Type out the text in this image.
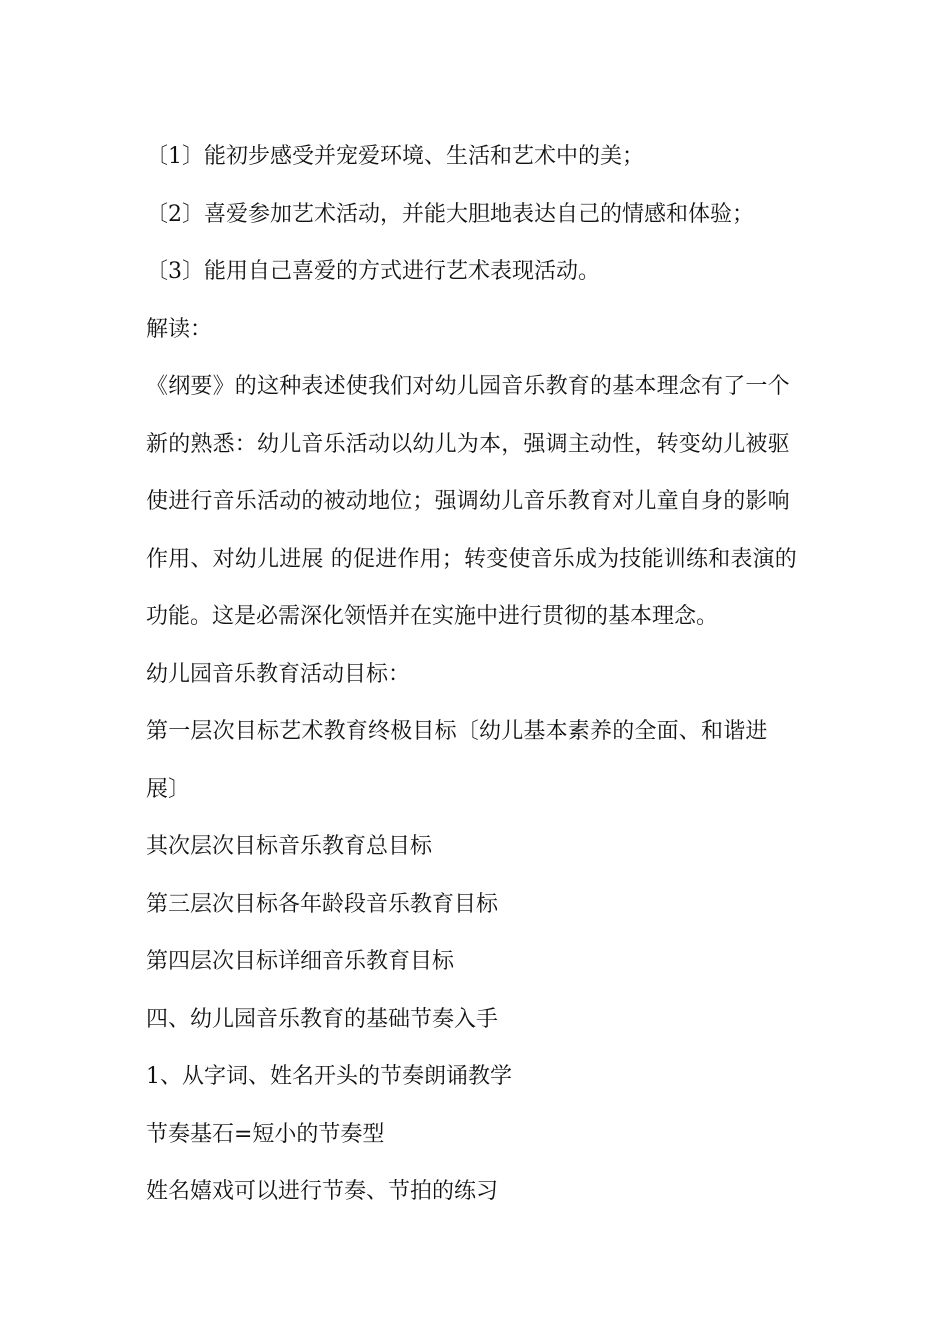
〔1〕能初步感受并宠爱环境、生活和艺术中的美；
〔2〕喜爱参加艺术活动，并能大胆地表达自己的情感和体验；
〔3〕能用自己喜爱的方式进行艺术表现活动。
解读：
《纲要》的这种表述使我们对幼儿园音乐教育的基本理念有了一个
新的熟悉：幼儿音乐活动以幼儿为本，强调主动性，转变幼儿被驱
使进行音乐活动的被动地位；强调幼儿音乐教育对儿童自身的影响
作用、对幼儿进展 的促进作用；转变使音乐成为技能训练和表演的
功能。这是必需深化领悟并在实施中进行贯彻的基本理念。
幼儿园音乐教育活动目标：
第一层次目标艺术教育终极目标〔幼儿基本素养的全面、和谐进
展〕
其次层次目标音乐教育总目标
第三层次目标各年龄段音乐教育目标
第四层次目标详细音乐教育目标
四、幼儿园音乐教育的基础节奏入手
1、从字词、姓名开头的节奏朗诵教学
节奏基石=短小的节奏型
姓名嬉戏可以进行节奏、节拍的练习
